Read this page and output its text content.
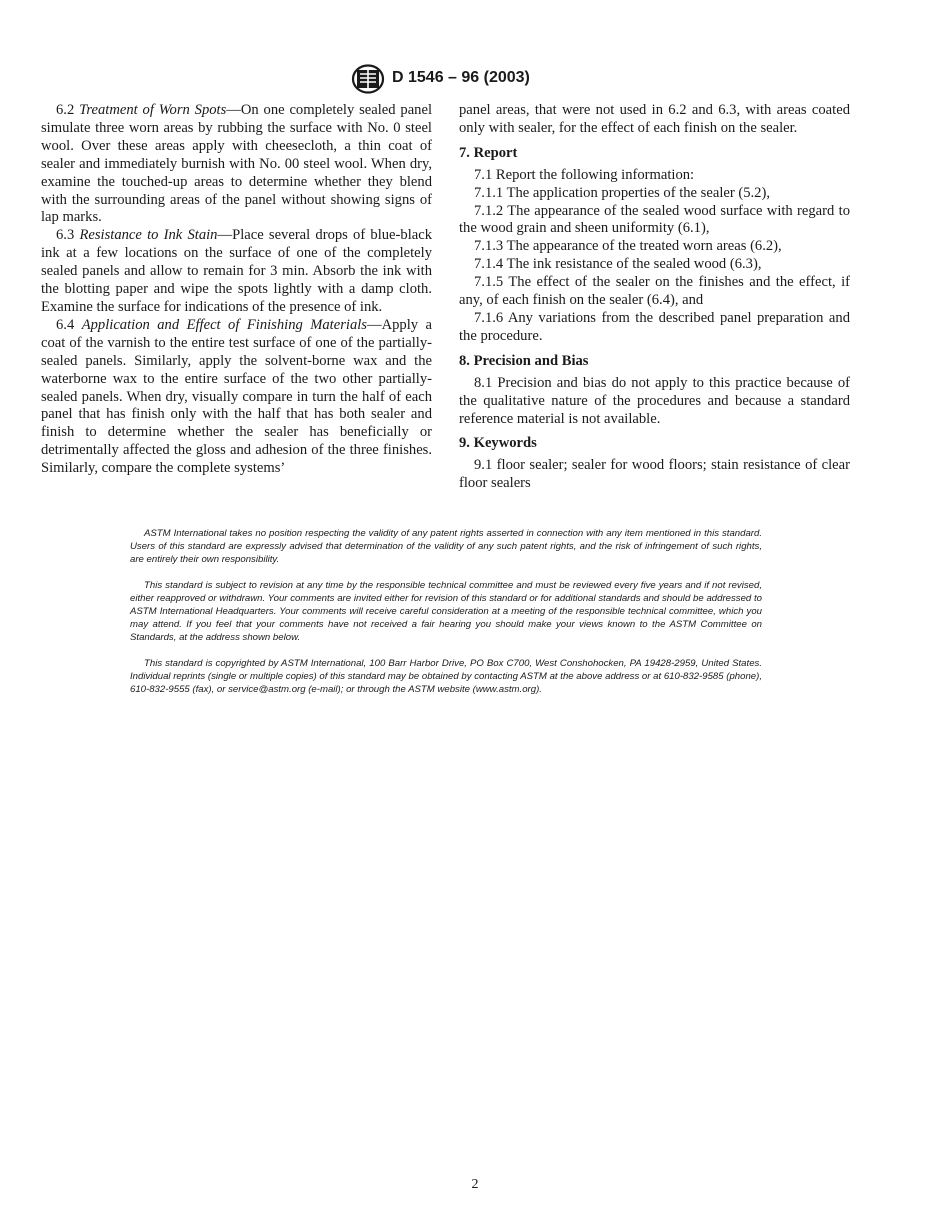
D 1546 – 96 (2003)

6.2 Treatment of Worn Spots—On one completely sealed panel simulate three worn areas by rubbing the surface with No. 0 steel wool. Over these areas apply with cheesecloth, a thin coat of sealer and immediately burnish with No. 00 steel wool. When dry, examine the touched-up areas to determine whether they blend with the surrounding areas of the panel without showing signs of lap marks.

6.3 Resistance to Ink Stain—Place several drops of blue-black ink at a few locations on the surface of one of the completely sealed panels and allow to remain for 3 min. Absorb the ink with the blotting paper and wipe the spots lightly with a damp cloth. Examine the surface for indications of the presence of ink.

6.4 Application and Effect of Finishing Materials—Apply a coat of the varnish to the entire test surface of one of the partially-sealed panels. Similarly, apply the solvent-borne wax and the waterborne wax to the entire surface of the two other partially-sealed panels. When dry, visually compare in turn the half of each panel that has finish only with the half that has both sealer and finish to determine whether the sealer has beneficially or detrimentally affected the gloss and adhesion of the three finishes. Similarly, compare the complete systems’

panel areas, that were not used in 6.2 and 6.3, with areas coated only with sealer, for the effect of each finish on the sealer.

7. Report

7.1 Report the following information:

7.1.1 The application properties of the sealer (5.2),

7.1.2 The appearance of the sealed wood surface with regard to the wood grain and sheen uniformity (6.1),

7.1.3 The appearance of the treated worn areas (6.2),

7.1.4 The ink resistance of the sealed wood (6.3),

7.1.5 The effect of the sealer on the finishes and the effect, if any, of each finish on the sealer (6.4), and

7.1.6 Any variations from the described panel preparation and the procedure.

8. Precision and Bias

8.1 Precision and bias do not apply to this practice because of the qualitative nature of the procedures and because a standard reference material is not available.

9. Keywords

9.1 floor sealer; sealer for wood floors; stain resistance of clear floor sealers

ASTM International takes no position respecting the validity of any patent rights asserted in connection with any item mentioned in this standard. Users of this standard are expressly advised that determination of the validity of any such patent rights, and the risk of infringement of such rights, are entirely their own responsibility.

This standard is subject to revision at any time by the responsible technical committee and must be reviewed every five years and if not revised, either reapproved or withdrawn. Your comments are invited either for revision of this standard or for additional standards and should be addressed to ASTM International Headquarters. Your comments will receive careful consideration at a meeting of the responsible technical committee, which you may attend. If you feel that your comments have not received a fair hearing you should make your views known to the ASTM Committee on Standards, at the address shown below.

This standard is copyrighted by ASTM International, 100 Barr Harbor Drive, PO Box C700, West Conshohocken, PA 19428-2959, United States. Individual reprints (single or multiple copies) of this standard may be obtained by contacting ASTM at the above address or at 610-832-9585 (phone), 610-832-9555 (fax), or service@astm.org (e-mail); or through the ASTM website (www.astm.org).

2
